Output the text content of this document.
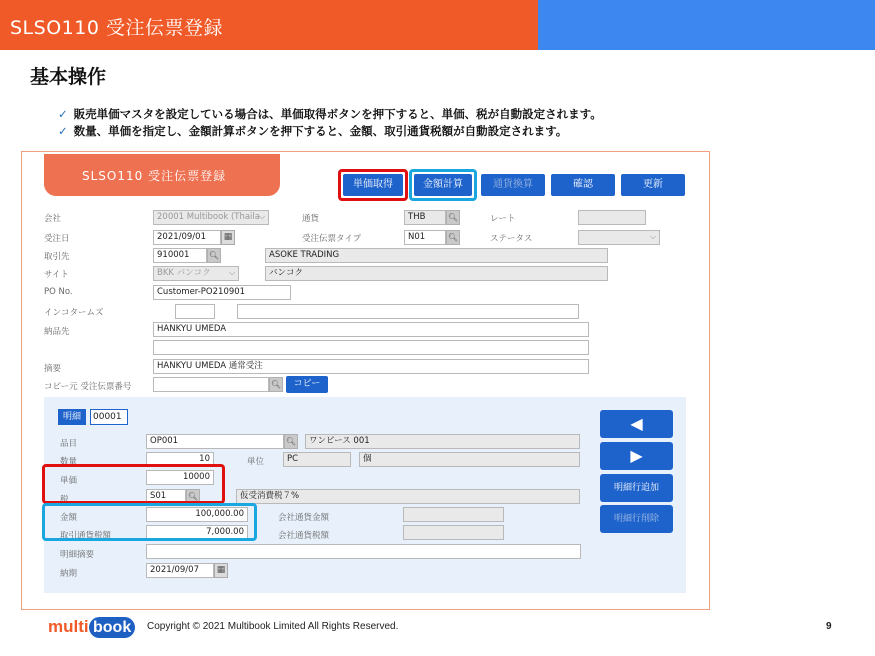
SLSO110 受注伝票登録
基本操作
✓ 販売単価マスタを設定している場合は、単価取得ボタンを押下すると、単価、税が自動設定されます。
✓ 数量、単価を指定し、金額計算ボタンを押下すると、金額、取引通貨税額が自動設定されます。
SLSO110 受注伝票登録
単価取得	金額計算	通貨換算	確認	更新
会社	20001 Multibook (Thaila ⌵	通貨	THB	🔍︎	レート
受注日	2021/09/01	▦	受注伝票タイプ	N01	🔍︎	ステータス	⌵
取引先	910001	🔍︎	ASOKE TRADING
サイト	BKK バンコク	⌵	バンコク
PO No.	Customer-PO210901
インコタームズ
納品先	HANKYU UMEDA
摘要	HANKYU UMEDA 通常受注
コピー元 受注伝票番号	🔍︎	コピー
明細	00001
品目	OP001	🔍︎	ワンピース 001
数量	10	単位	PC	個
単価	10000
税	S01	🔍︎	仮受消費税７%
金額	100,000.00	会社通貨金額
取引通貨税額	7,000.00	会社通貨税額
明細摘要
納期	2021/09/07	▦
◀
▶
明細行追加
明細行削除
multi book	Copyright © 2021 Multibook Limited All Rights Reserved.	9
